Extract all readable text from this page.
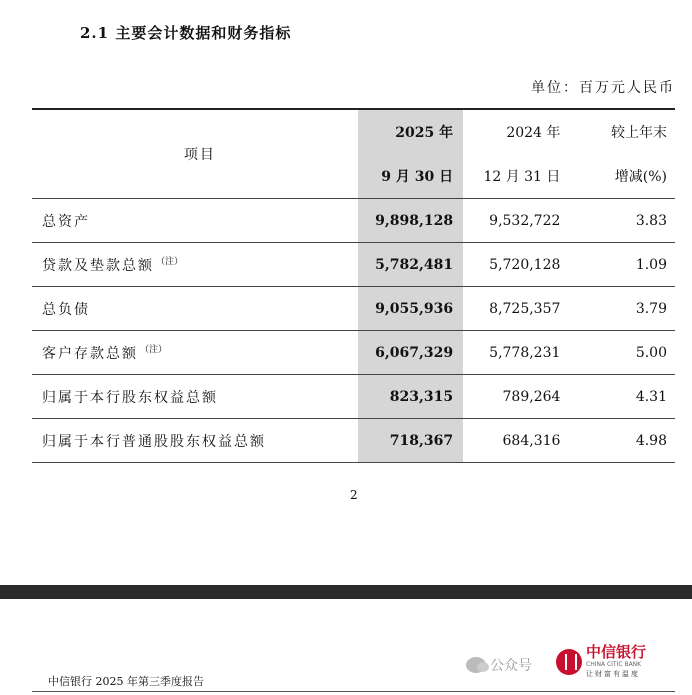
2.1 主要会计数据和财务指标
单位：百万元人民币

项目	2025 年	2024 年	较上年末
	9 月 30 日	12 月 31 日	增减(%)
总资产	9,898,128	9,532,722	3.83
贷款及垫款总额 $^{(注)}$	5,782,481	5,720,128	1.09
总负债	9,055,936	8,725,357	3.79
客户存款总额 $^{(注)}$	6,067,329	5,778,231	5.00
归属于本行股东权益总额	823,315	789,264	4.31
归属于本行普通股股东权益总额	718,367	684,316	4.98
2
公众号
中信银行
CHINA CITIC BANK
让财富有温度
中信银行 2025 年第三季度报告
